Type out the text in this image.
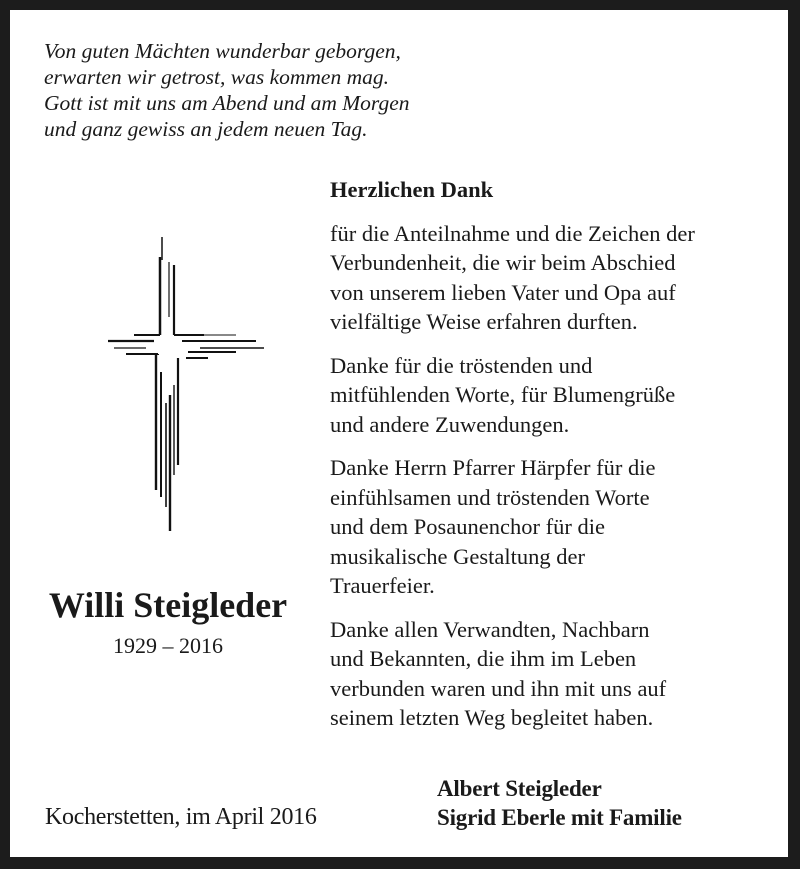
Von guten Mächten wunderbar geborgen,
erwarten wir getrost, was kommen mag.
Gott ist mit uns am Abend und am Morgen
und ganz gewiss an jedem neuen Tag.
Willi Steigleder
1929 – 2016
Kocherstetten, im April 2016
Herzlichen Dank
für die Anteilnahme und die Zeichen der
Verbundenheit, die wir beim Abschied
von unserem lieben Vater und Opa auf
vielfältige Weise erfahren durften.
Danke für die tröstenden und
mitfühlenden Worte, für Blumengrüße
und andere Zuwendungen.
Danke Herrn Pfarrer Härpfer für die
einfühlsamen und tröstenden Worte
und dem Posaunenchor für die
musikalische Gestaltung der
Trauerfeier.
Danke allen Verwandten, Nachbarn
und Bekannten, die ihm im Leben
verbunden waren und ihn mit uns auf
seinem letzten Weg begleitet haben.
Albert Steigleder
Sigrid Eberle mit Familie
